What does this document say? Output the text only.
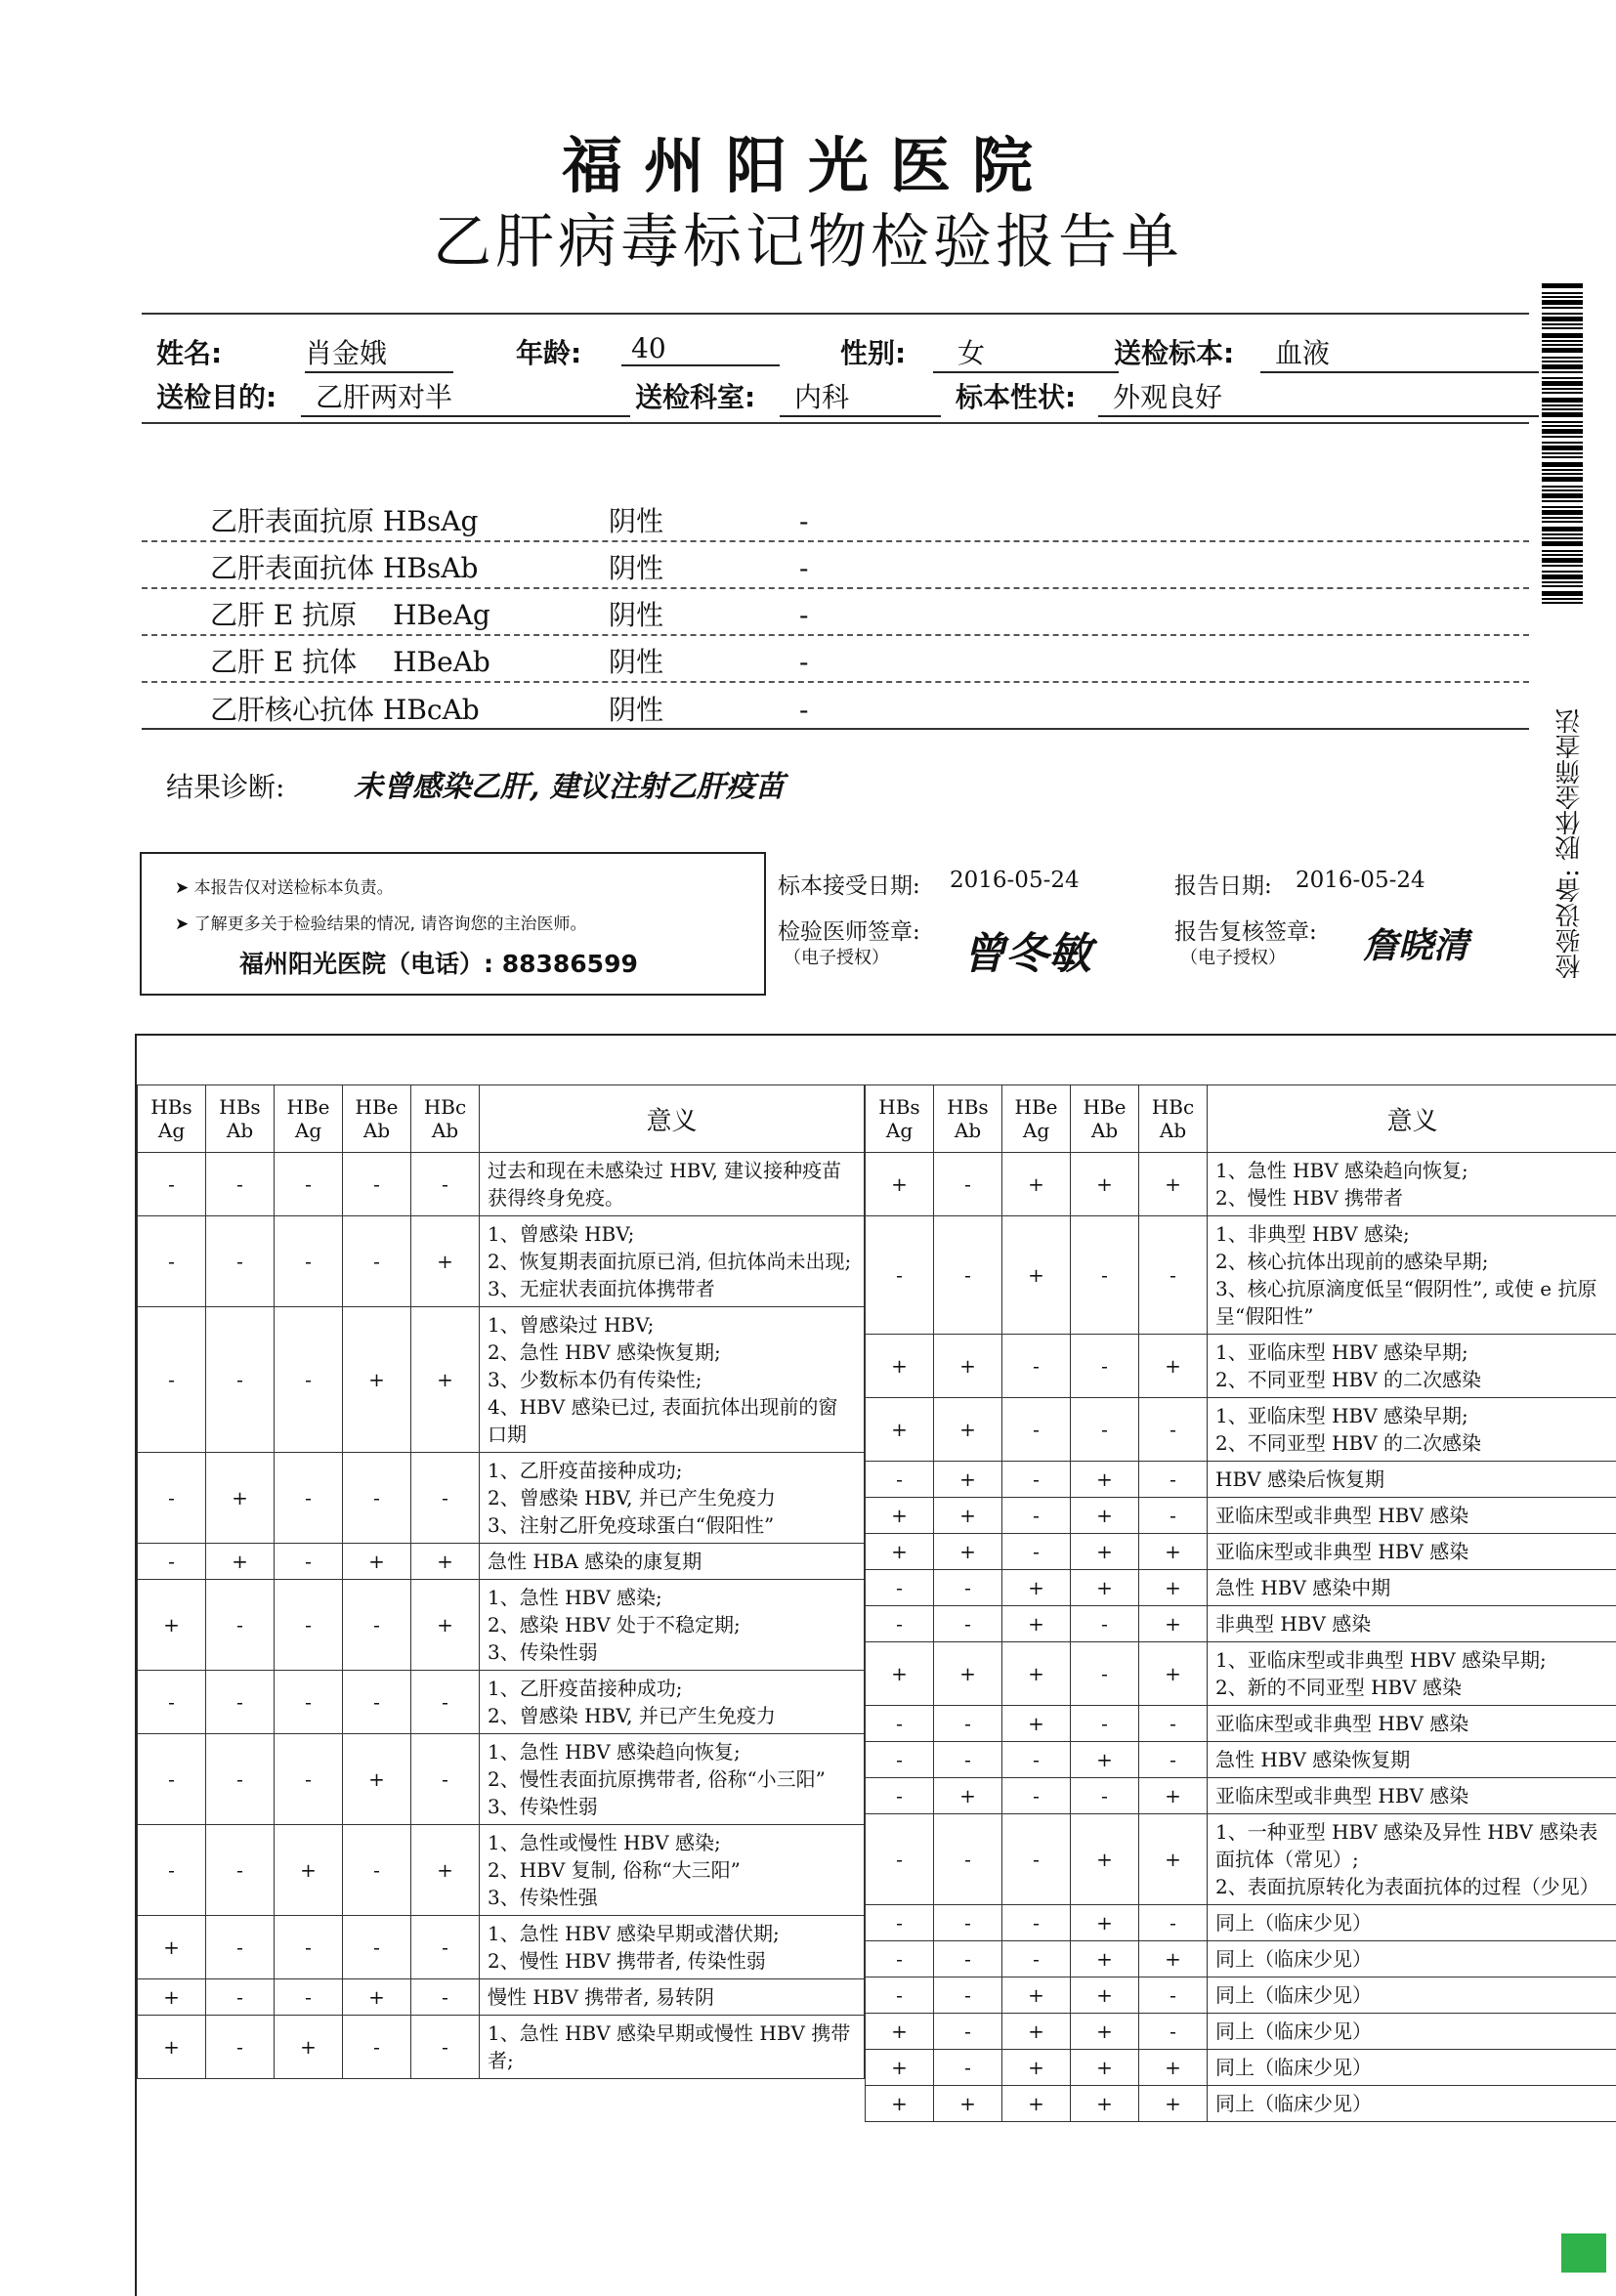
福州阳光医院
乙肝病毒标记物检验报告单
姓名:	肖金娥	年龄:	40	性别:	女	送检标本:	血液
送检目的:	乙肝两对半	送检科室:	内科	标本性状:	外观良好
乙肝表面抗原 HBsAg	阴性	-
乙肝表面抗体 HBsAb	阴性	-
乙肝 E 抗原 　HBeAg	阴性	-
乙肝 E 抗体 　HBeAb	阴性	-
乙肝核心抗体 HBcAb	阴性	-
结果诊断: 未曾感染乙肝, 建议注射乙肝疫苗
➤ 本报告仅对送检标本负责。
➤ 了解更多关于检验结果的情况, 请咨询您的主治医师。
福州阳光医院（电话）: 88386599
标本接受日期: 2016-05-24	报告日期: 2016-05-24
检验医师签章:
（电子授权） 曾冬敏	报告复核签章:
（电子授权） 詹晓清	检验设备: 胶体金筛查法
HBs Ag	HBs Ab	HBe Ag	HBe Ab	HBc Ab	意义
-	-	-	-	-	过去和现在未感染过 HBV, 建议接种疫苗获得终身免疫。
-	-	-	-	+	1、曾感染 HBV;
2、恢复期表面抗原已消, 但抗体尚未出现;
3、无症状表面抗体携带者
-	-	-	+	+	1、曾感染过 HBV;
2、急性 HBV 感染恢复期;
3、少数标本仍有传染性;
4、HBV 感染已过, 表面抗体出现前的窗口期
-	+	-	-	-	1、乙肝疫苗接种成功;
2、曾感染 HBV, 并已产生免疫力
3、注射乙肝免疫球蛋白“假阳性”
-	+	-	+	+	急性 HBA 感染的康复期
+	-	-	-	+	1、急性 HBV 感染;
2、感染 HBV 处于不稳定期;
3、传染性弱
-	-	-	-	-	1、乙肝疫苗接种成功;
2、曾感染 HBV, 并已产生免疫力
-	-	-	+	-	1、急性 HBV 感染趋向恢复;
2、慢性表面抗原携带者, 俗称“小三阳”
3、传染性弱
-	-	+	-	+	1、急性或慢性 HBV 感染;
2、HBV 复制, 俗称“大三阳”
3、传染性强
+	-	-	-	-	1、急性 HBV 感染早期或潜伏期;
2、慢性 HBV 携带者, 传染性弱
+	-	-	+	-	慢性 HBV 携带者, 易转阴
+	-	+	-	-	1、急性 HBV 感染早期或慢性 HBV 携带者;
HBs Ag	HBs Ab	HBe Ag	HBe Ab	HBc Ab	意义
+	-	+	+	+	1、急性 HBV 感染趋向恢复;
2、慢性 HBV 携带者
-	-	+	-	-	1、非典型 HBV 感染;
2、核心抗体出现前的感染早期;
3、核心抗原滴度低呈“假阴性”, 或使 e 抗原呈“假阳性”
+	+	-	-	+	1、亚临床型 HBV 感染早期;
2、不同亚型 HBV 的二次感染
+	+	-	-	-	1、亚临床型 HBV 感染早期;
2、不同亚型 HBV 的二次感染
-	+	-	+	-	HBV 感染后恢复期
+	+	-	+	-	亚临床型或非典型 HBV 感染
+	+	-	+	+	亚临床型或非典型 HBV 感染
-	-	+	+	+	急性 HBV 感染中期
-	-	+	-	+	非典型 HBV 感染
+	+	+	-	+	1、亚临床型或非典型 HBV 感染早期;
2、新的不同亚型 HBV 感染
-	-	+	-	-	亚临床型或非典型 HBV 感染
-	-	-	+	-	急性 HBV 感染恢复期
-	+	-	-	+	亚临床型或非典型 HBV 感染
-	-	-	+	+	1、一种亚型 HBV 感染及异性 HBV 感染表面抗体（常见）;
2、表面抗原转化为表面抗体的过程（少见）
-	-	-	+	-	同上（临床少见）
-	-	-	+	+	同上（临床少见）
-	-	+	+	-	同上（临床少见）
+	-	+	+	-	同上（临床少见）
+	-	+	+	+	同上（临床少见）
+	+	+	+	+	同上（临床少见）
